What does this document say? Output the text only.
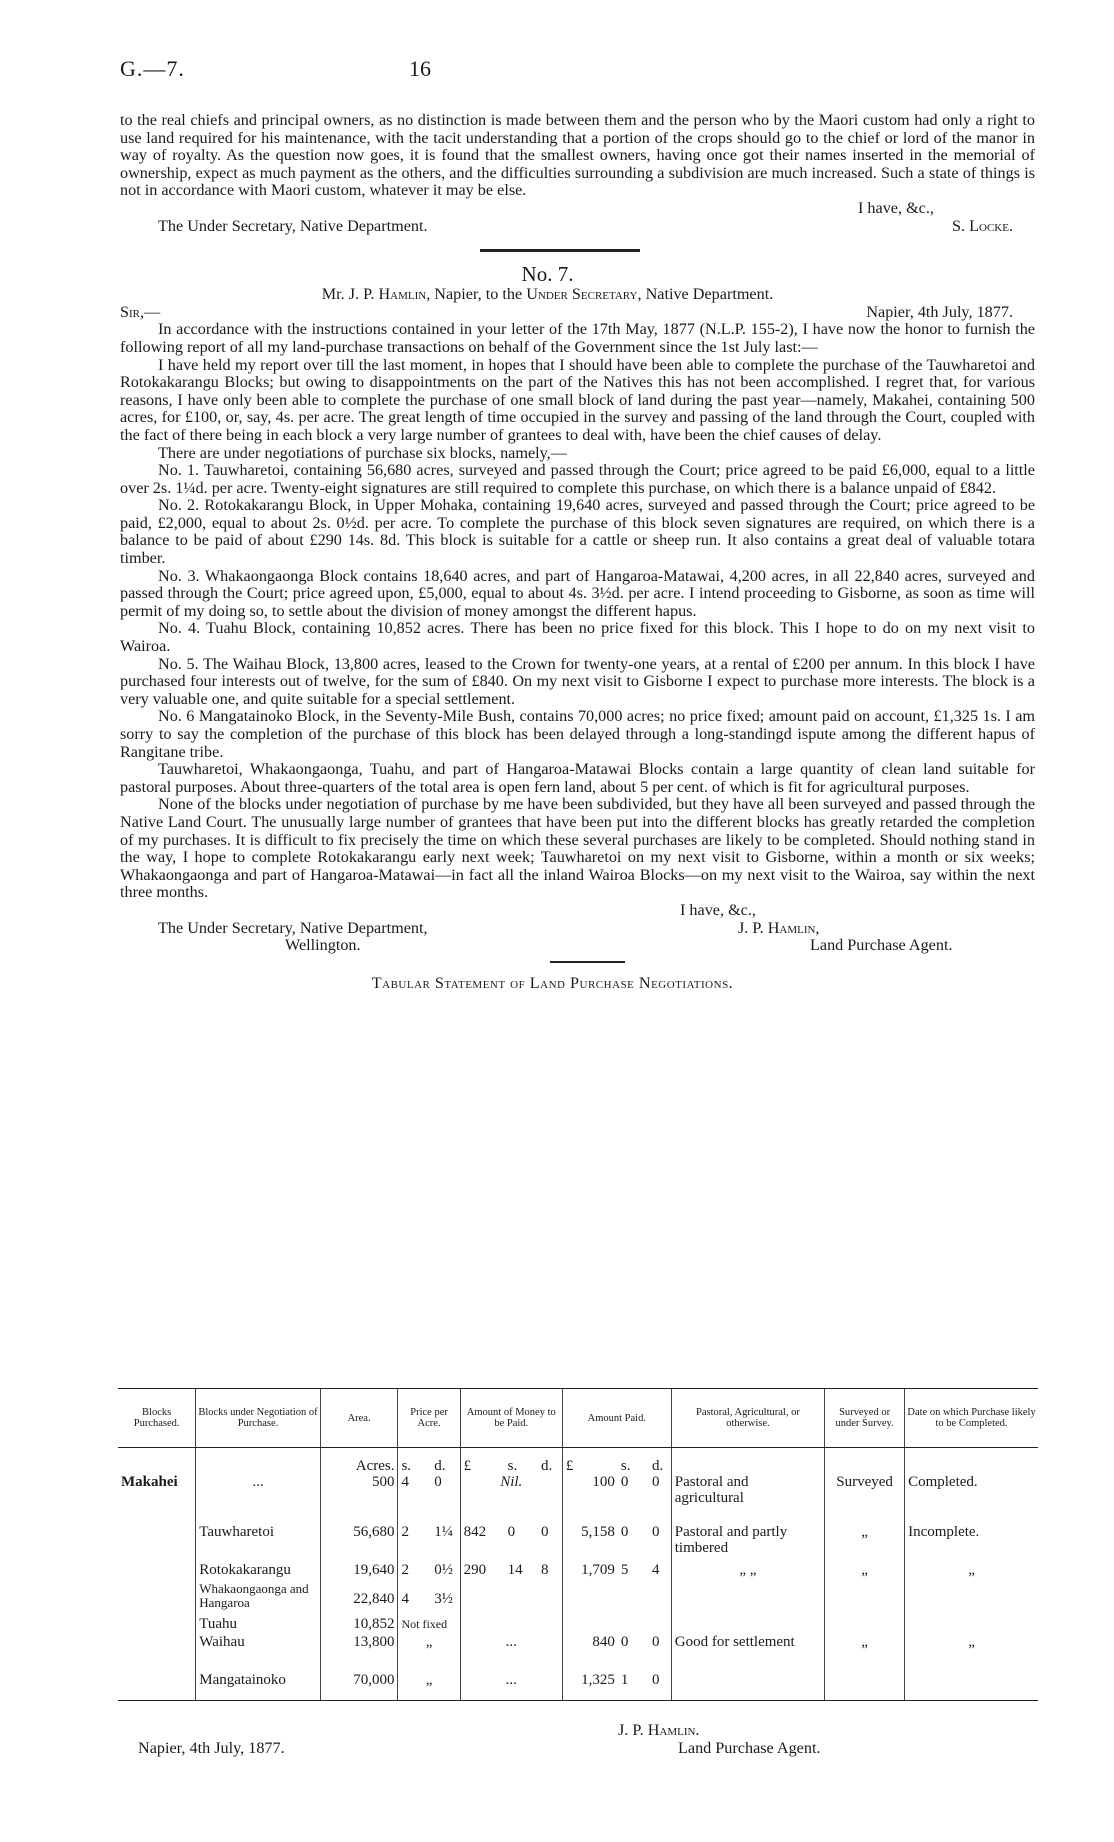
G.—7.	16

to the real chiefs and principal owners, as no distinction is made between them and the person who by the Maori custom had only a right to use land required for his maintenance, with the tacit understanding that a portion of the crops should go to the chief or lord of the manor in way of royalty. As the question now goes, it is found that the smallest owners, having once got their names inserted in the memorial of ownership, expect as much payment as the others, and the difficulties surrounding a subdivision are much increased. Such a state of things is not in accordance with Maori custom, whatever it may be else.

I have, &c.,
The Under Secretary, Native Department.	S. Locke.
No. 7.
Mr. J. P. Hamlin, Napier, to the Under Secretary, Native Department.
Sir,—	Napier, 4th July, 1877.

In accordance with the instructions contained in your letter of the 17th May, 1877 (N.L.P. 155-2), I have now the honor to furnish the following report of all my land-purchase transactions on behalf of the Government since the 1st July last:—

I have held my report over till the last moment, in hopes that I should have been able to complete the purchase of the Tauwharetoi and Rotokakarangu Blocks; but owing to disappointments on the part of the Natives this has not been accomplished. I regret that, for various reasons, I have only been able to complete the purchase of one small block of land during the past year—namely, Makahei, containing 500 acres, for £100, or, say, 4s. per acre. The great length of time occupied in the survey and passing of the land through the Court, coupled with the fact of there being in each block a very large number of grantees to deal with, have been the chief causes of delay.

There are under negotiations of purchase six blocks, namely,—

No. 1. Tauwharetoi, containing 56,680 acres, surveyed and passed through the Court; price agreed to be paid £6,000, equal to a little over 2s. 1¼d. per acre. Twenty-eight signatures are still required to complete this purchase, on which there is a balance unpaid of £842.

No. 2. Rotokakarangu Block, in Upper Mohaka, containing 19,640 acres, surveyed and passed through the Court; price agreed to be paid, £2,000, equal to about 2s. 0½d. per acre. To complete the purchase of this block seven signatures are required, on which there is a balance to be paid of about £290 14s. 8d. This block is suitable for a cattle or sheep run. It also contains a great deal of valuable totara timber.

No. 3. Whakaongaonga Block contains 18,640 acres, and part of Hangaroa-Matawai, 4,200 acres, in all 22,840 acres, surveyed and passed through the Court; price agreed upon, £5,000, equal to about 4s. 3½d. per acre. I intend proceeding to Gisborne, as soon as time will permit of my doing so, to settle about the division of money amongst the different hapus.

No. 4. Tuahu Block, containing 10,852 acres. There has been no price fixed for this block. This I hope to do on my next visit to Wairoa.

No. 5. The Waihau Block, 13,800 acres, leased to the Crown for twenty-one years, at a rental of £200 per annum. In this block I have purchased four interests out of twelve, for the sum of £840. On my next visit to Gisborne I expect to purchase more interests. The block is a very valuable one, and quite suitable for a special settlement.

No. 6 Mangatainoko Block, in the Seventy-Mile Bush, contains 70,000 acres; no price fixed; amount paid on account, £1,325 1s. I am sorry to say the completion of the purchase of this block has been delayed through a long-standingd ispute among the different hapus of Rangitane tribe.

Tauwharetoi, Whakaongaonga, Tuahu, and part of Hangaroa-Matawai Blocks contain a large quantity of clean land suitable for pastoral purposes. About three-quarters of the total area is open fern land, about 5 per cent. of which is fit for agricultural purposes.

None of the blocks under negotiation of purchase by me have been subdivided, but they have all been surveyed and passed through the Native Land Court. The unusually large number of grantees that have been put into the different blocks has greatly retarded the completion of my purchases. It is difficult to fix precisely the time on which these several purchases are likely to be completed. Should nothing stand in the way, I hope to complete Rotokakarangu early next week; Tauwharetoi on my next visit to Gisborne, within a month or six weeks; Whakaongaonga and part of Hangaroa-Matawai—in fact all the inland Wairoa Blocks—on my next visit to the Wairoa, say within the next three months.

I have, &c.,
The Under Secretary, Native Department,	J. P. Hamlin,
Wellington.	Land Purchase Agent.
Tabular Statement of Land Purchase Negotiations.
Blocks Purchased.	Blocks under Negotiation of Purchase.	Area.	Price per Acre.		Amount of Money to be Paid.			Amount Paid.			Pastoral, Agricultural, or otherwise.	Surveyed or under Survey.	Date on which Purchase likely to be Completed.
		Acres.	s.	d.	£	s.	d.	£	s.	d.			
Makahei	...	500	4	0	Nil.			100	0	0	Pastoral and agricultural	Surveyed	Completed.
	Tauwharetoi	56,680	2	1¼	842	0	0	5,158	0	0	Pastoral and partly timbered	„	Incomplete.
	Rotokakarangu	19,640	2	0½	290	14	8	1,709	5	4	„ „	„	„
	Whakaongaonga and Hangaroa	22,840	4	3½									
	Tuahu	10,852	Not fixed										
	Waihau	13,800	„		...			840	0	0	Good for settlement	„	„
	Mangatainoko	70,000	„		...			1,325	1	0			
J. P. Hamlin.
Napier, 4th July, 1877.	Land Purchase Agent.
